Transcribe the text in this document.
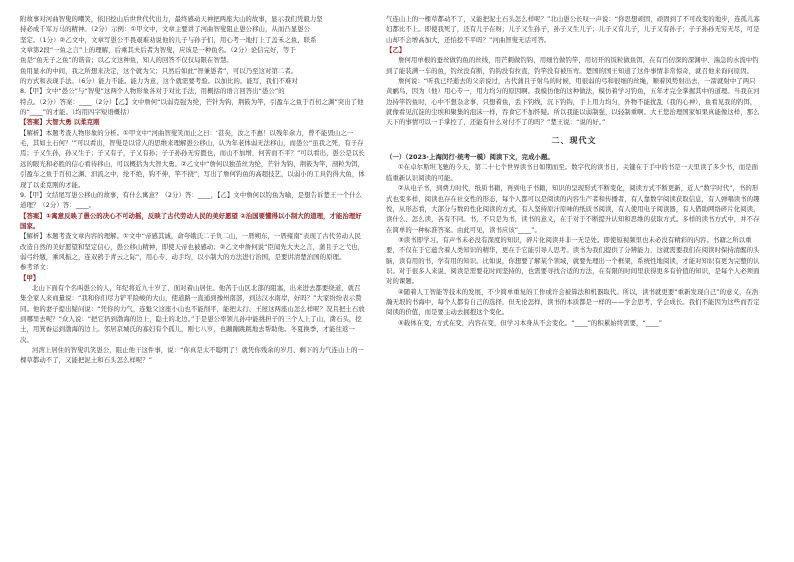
附故事对河曲智叟的嘲笑，依旧挖山后世世代代出力，最终感动天神把两座大山的故事，显示我们凭毅力坚

持必成千军万马的精神。（2分）示例：①甲文中，文章主要讲了河曲智叟阻止愚公移山，从而凸显愚公

坚定。（1分）②乙文中，文章写愚公不畏艰难劝说他的儿子与孙子们，用心考一地打上了盖禾之鱼，联系

文章第2段“一鱼之言”上的理解，后乘其夫后者为智叟，应该是一种鱼名。（2分）论信完好，等于

鱼是“鱼无子之鱼”的谐音；以乙文这种鱼，知人的回答不仅仅局限在智慧。

鱼用显水的中间，我之所想来决定，这个就为父；只然后如此“智兼愚者”，可以乃至这对第二者。

的方式和表现手法。（6分）能力不能。能力为意，这个就需要考验。以加比的。能写，我们不难对

8.【甲】文中“愚公”与“智叟”这两个人物形象各对于对比手法，用概括的语言回答出“愚公”的

特点。（2分）答案：____（2分）【乙】文中詹何“以弱克强为纶，芒针为钩，荆筱为竿，引盈车之鱼于百仞之渊”突出了他的“____”的才能。（均用四字短语概括）

【答案】大智大勇 以柔克刚

【解析】本题考查人物形象的分析。①甲文中“河曲智叟笑而止之曰：‘甚矣，汝之不惠！以残年余力，曾不能毁山之一毛，其如土石何？’”可以看出，智叟是以常人的思维来理解愚公移山，认为年老体弱无法移山，而愚公“虽我之死，有子存焉；子又生孙，孙又生子；子又有子，子又有孙；子子孙孙无穷匮也，而山不加增，何苦而不平？”可以看出，愚公是以长远的眼光和必胜的信心看待移山，可以概括为大智大勇。②乙文中“詹何以独茧丝为纶，芒针为钩，荆筱为竿，剖粒为饵，引盈车之鱼于百仞之渊、汩流之中，纶不绝，钩不伸，竿不挠”，写出了詹何钓鱼的高超技艺，以弱小的工具钓得大鱼，体现了以柔克刚的才能。

9.【甲】文结尾写愚公移山的故事，有什么寓意？（2分）答：____，【乙】文中詹何以钓鱼为喻，是想告诉楚王一个什么道理？（2分）答：____。

【答案】①寓意反映了愚公的决心不可动摇，反映了古代劳动人民的美好愿望 ②治国要懂得以小制大的道理，才能治理好国家。

【解析】本题考查文章内容的理解。①文中“帝感其诚，命夸娥氏二子负二山，一厝朔东，一厝雍南”表现了古代劳动人民改造自然的美好愿望和坚定信心，愚公移山精神，即使天帝也被感动；②乙文中詹何说“臣闻先大夫之言，蒲且子之弋也，弱弓纤缴，乘风振之，连双鸧于青云之际”，用心专、动手均，以小制大的方法进行治国，是要讲清楚治国的原理。

参考译文：

【甲】

北山下面有个名叫愚公的人，年纪将近九十岁了，面对着山居住。他苦于山区北部的阻塞，出来进去都要绕道，就召集全家人来商量说：“我和你们尽力铲平险峻的大山，使道路一直通到豫州南部，到达汉水南岸，好吗？”大家纷纷表示赞同。他的妻子提出疑问说：“凭你的力气，连魁父这座小山也不能削平，能把太行、王屋这两座山怎么样呢？况且把土石放到哪里去呢？”众人说：“把它扔到渤海的边上，隐土的北边。”于是愚公率领儿孙中能挑担子的三个人上了山，凿石头，挖土，用箕畚运到渤海的边上。邻居京城氏的寡妇有个孤儿，刚七八岁，也蹦蹦跳跳地去帮助他。冬夏换季，才能往返一次。

河湾上居住的智叟讥笑愚公，阻止他干这件事，说：“你真是太不聪明了！就凭你残余的岁月、剩下的力气连山上的一棵草都动不了，又能把泥土和石头怎么样呢？”

气连山上的一棵草都动不了，又能把泥土石头怎么样呢？”北山愚公长叹一声说：“你思想顽固，顽固到了不可改变的地步，连孤儿寡妇都比不上。即使我死了，还有儿子在呀；儿子又生孙子，孙子又生儿子；儿子又有儿子，儿子又有孙子；子子孙孙无穷无尽，可是山却不会增高加大，还怕挖不平吗？”河曲智叟无话可答。

【乙】

詹何用单根的蚕丝做钓鱼的丝线，用芒刺做钓钩，用细竹做钓竿，用切开的饭粒做鱼饵，在有百仞深的深渊中、湍急的水流中钓到了能装满一车的鱼，钓丝没有断，钓钩没有拉直，钓竿没有被压弯。楚国的国王知道了这件事情非常惊奇，就召他来询问原因。

詹何说：“听我已经逝去的父亲说过，古代蒲且子射鸟的时候，用很弱的弓和很细的丝绳，顺着风势射出去，一箭就射中了两只黄鹂鸟，因为（他）用心专一，用力均匀的原因啊。我模仿他的这种做法，模仿着学习钓鱼，五年才完全掌握其中的道理。当我在河边持竿钓鱼时，心中不想杂念事，只想着鱼，丢下钓线，沉下钓钩，手上用力均匀，外物不能扰乱（我的心神），鱼看见我的钓饵，就像看见沉淀的尘埃和聚集的泡沫一样，吞食它不加怀疑。所以我能以弱制强，以轻制重啊。大王您治理国家如果真能像这样，那么天下的事情可以一手掌控了，还能有什么对付不了的吗？”楚王说：“说的好。”

二、现代文

（一）（2023·上海闵行·统考一模）阅读下文，完成小题。

①在卓尔斯坦飞驰的今天，第二十七个世界读书日如期而至。数字代的读书日，关键在于手中的书是一天里读了多少书，而是面临重新认识阅读的可能。

②从电子书，到费力时代，纸质书籍，再到电子书籍，知识的呈现形式不断变化，阅读方式不断更新，近人“数字时代”，书的形式也变多样，阅读也存在社交性的形态，每个人都可以是阅读的内容生产者和传播者，有人靠数字阅读获取信息，有人弹唱读书的趣悦，从形态看，大部分与数码性化阅读的方式，有人坚持原汁原味的纸质书阅读，有人使用电子阅读器，有人借助网络碎片化阅读，读什么、怎么读，各有不同。书，不只是为书，读书的意义，在于对于不断提升认知和思维的获取方式。多样的读书方式中，并不存在简单的一种标准答案。由此可见，读书应该“____”。

③读书即学习。有声书未必没有深度的知识，碎片化阅读并非一无是处。即使短视频里也未必没有精彩的内容。书籍之所以重要，不仅在于它蕴含着人类知识的精华，更在于它能引导人思考。读书为我们提供了分辨能力，这就需要我们在阅读时保持清醒的头脑，读有用的书，学有用的知识。比如说，你想要了解某个领域，就要先理出一个框架，系统性地阅读，才能对知识有更为完整的认识。对于很多人来说，阅读是需要花时间坚持的，也需要寻找合适的方法，在有限的时间里获得更多有价值的知识，是每个人必须面对的课题。

④随着人工智能等技术的发展，不少简单重复的工作或许会被算法和机器取代。所以，读书就更要“重新发现自己”的意义，在浩瀚无垠的书海中，每个人都有自己的选择，但无论怎样，读书的本质都是一样的——学会思考，学会成长。我们不能因为这些而否定阅读的价值，而是要主动去拥抱这个变化。

⑤载体在变，方式在变，内容在变，但学习本身从不会变化。“____”的积累始终需要，“____”
